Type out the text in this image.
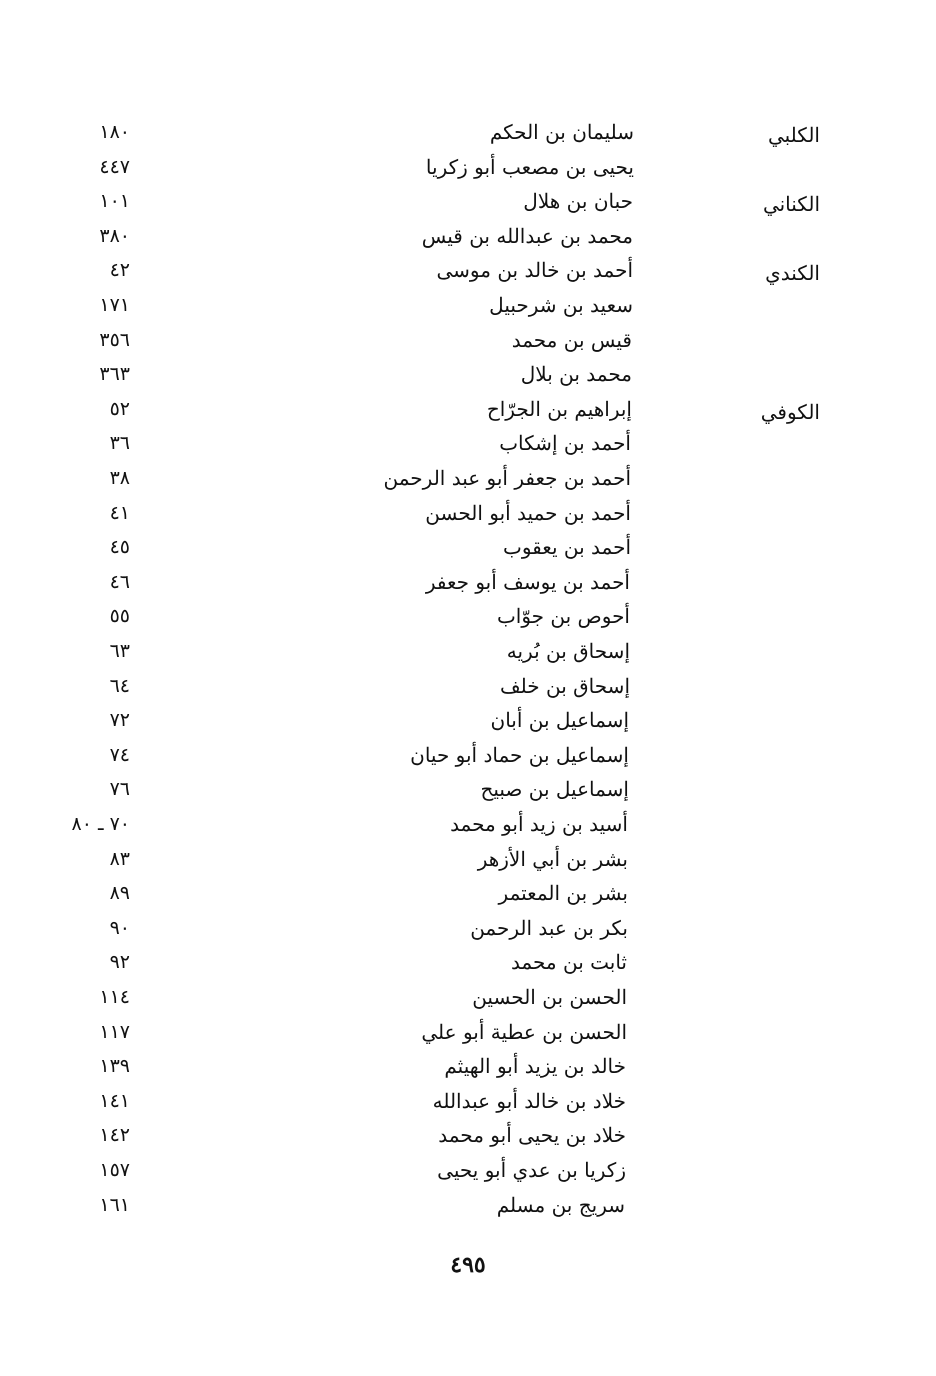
الكلبي
سليمان بن الحكم
١٨٠
يحيى بن مصعب أبو زكريا
٤٤٧
الكناني
حبان بن هلال
١٠١
محمد بن عبدالله بن قيس
٣٨٠
الكندي
أحمد بن خالد بن موسى
٤٢
سعيد بن شرحبيل
١٧١
قيس بن محمد
٣٥٦
محمد بن بلال
٣٦٣
الكوفي
إبراهيم بن الجرّاح
٥٢
أحمد بن إشكاب
٣٦
أحمد بن جعفر أبو عبد الرحمن
٣٨
أحمد بن حميد أبو الحسن
٤١
أحمد بن يعقوب
٤٥
أحمد بن يوسف أبو جعفر
٤٦
أحوص بن جوّاب
٥٥
إسحاق بن بُريه
٦٣
إسحاق بن خلف
٦٤
إسماعيل بن أبان
٧٢
إسماعيل بن حماد أبو حيان
٧٤
إسماعيل بن صبيح
٧٦
أسيد بن زيد أبو محمد
٧٠ ـ ٨٠
بشر بن أبي الأزهر
٨٣
بشر بن المعتمر
٨٩
بكر بن عبد الرحمن
٩٠
ثابت بن محمد
٩٢
الحسن بن الحسين
١١٤
الحسن بن عطية أبو علي
١١٧
خالد بن يزيد أبو الهيثم
١٣٩
خلاد بن خالد أبو عبدالله
١٤١
خلاد بن يحيى أبو محمد
١٤٢
زكريا بن عدي أبو يحيى
١٥٧
سريج بن مسلم
١٦١
٤٩٥
